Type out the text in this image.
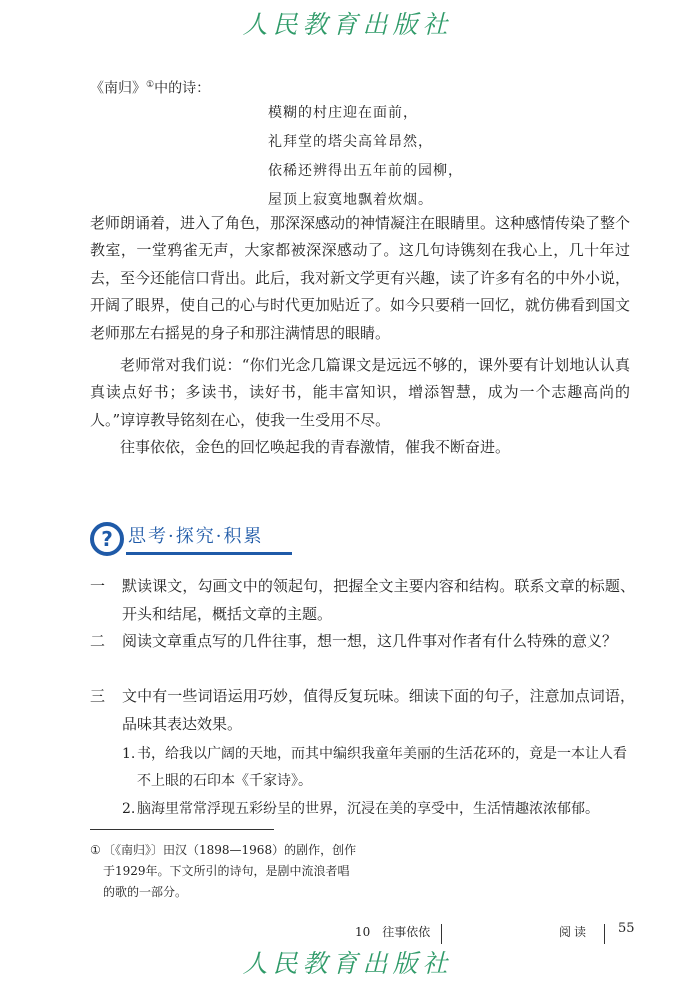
人民教育出版社
《南归》①中的诗：
模糊的村庄迎在面前，
礼拜堂的塔尖高耸昂然，
依稀还辨得出五年前的园柳，
屋顶上寂寞地飘着炊烟。
老师朗诵着，进入了角色，那深深感动的神情凝注在眼睛里。这种感情传染了整个教室，一堂鸦雀无声，大家都被深深感动了。这几句诗镌刻在我心上，几十年过去，至今还能信口背出。此后，我对新文学更有兴趣，读了许多有名的中外小说，开阔了眼界，使自己的心与时代更加贴近了。如今只要稍一回忆，就仿佛看到国文老师那左右摇晃的身子和那注满情思的眼睛。
老师常对我们说：“你们光念几篇课文是远远不够的，课外要有计划地认认真真读点好书；多读书，读好书，能丰富知识，增添智慧，成为一个志趣高尚的人。”谆谆教导铭刻在心，使我一生受用不尽。
往事依依，金色的回忆唤起我的青春激情，催我不断奋进。
? 思考·探究·积累
一 默读课文，勾画文中的领起句，把握全文主要内容和结构。联系文章的标题、开头和结尾，概括文章的主题。
二 阅读文章重点写的几件往事，想一想，这几件事对作者有什么特殊的意义？
三 文中有一些词语运用巧妙，值得反复玩味。细读下面的句子，注意加点词语，品味其表达效果。
1. 书，给我以广阔的天地，而其中编织我童年美丽的生活花环的，竟是一本让人看不上眼的石印本《千家诗》。
2. 脑海里常常浮现五彩纷呈的世界，沉浸在美的享受中，生活情趣浓浓郁郁。
① 〔《南归》〕田汉（1898—1968）的剧作，创作于1929年。下文所引的诗句，是剧中流浪者唱的歌的一部分。
10　往事依依	阅读 55
人民教育出版社
